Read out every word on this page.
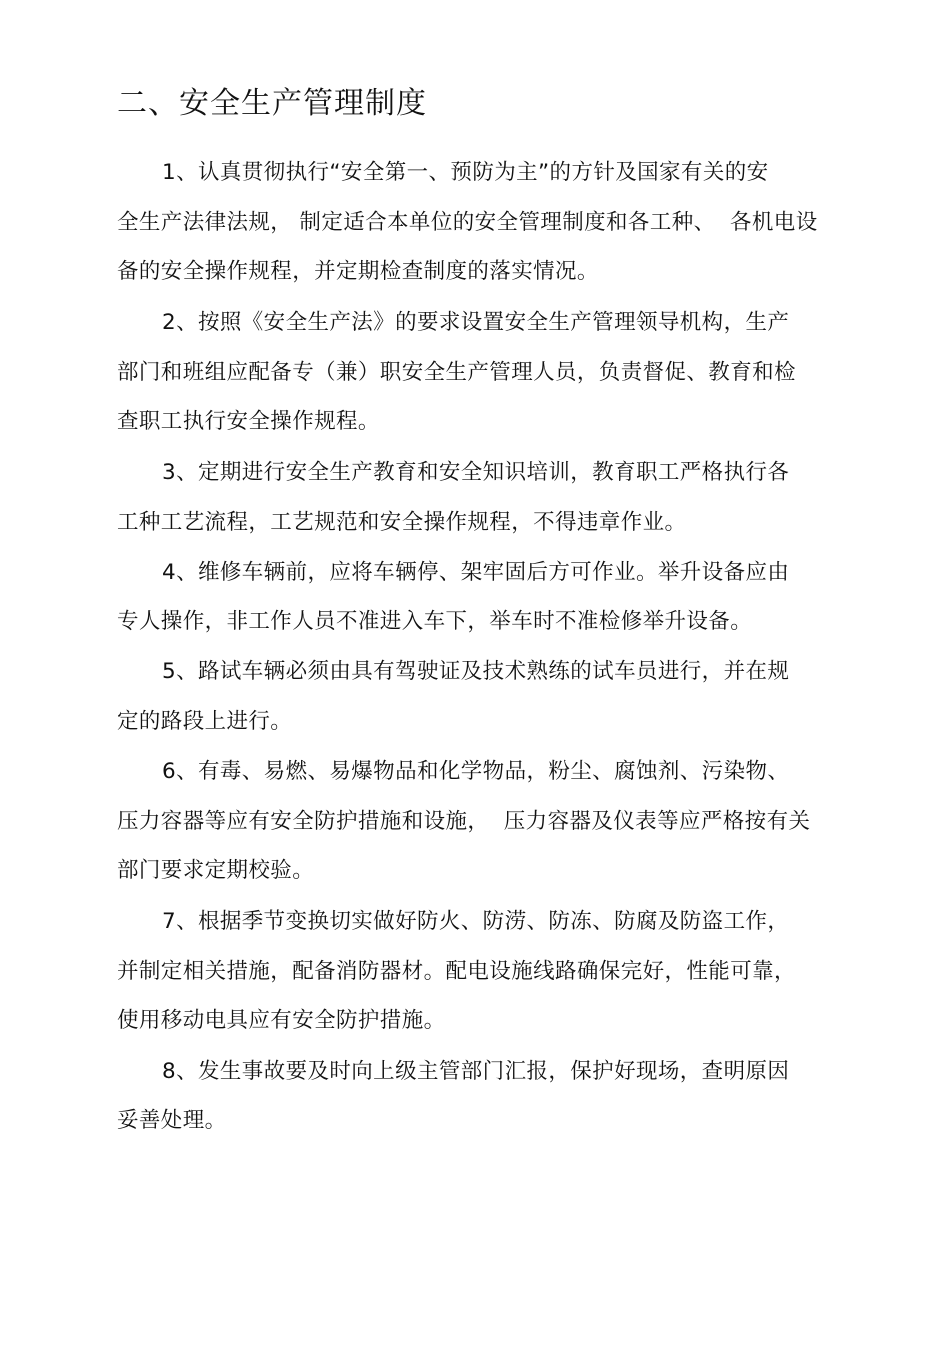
二、安全生产管理制度
1、认真贯彻执行“安全第一、预防为主”的方针及国家有关的安
全生产法律法规， 制定适合本单位的安全管理制度和各工种、  各机电设
备的安全操作规程，并定期检查制度的落实情况。
2、按照《安全生产法》的要求设置安全生产管理领导机构，生产
部门和班组应配备专（兼）职安全生产管理人员，负责督促、教育和检
查职工执行安全操作规程。
3、定期进行安全生产教育和安全知识培训，教育职工严格执行各
工种工艺流程，工艺规范和安全操作规程，不得违章作业。
4、维修车辆前，应将车辆停、架牢固后方可作业。举升设备应由
专人操作，非工作人员不准进入车下，举车时不准检修举升设备。
5、路试车辆必须由具有驾驶证及技术熟练的试车员进行，并在规
定的路段上进行。
6、有毒、易燃、易爆物品和化学物品，粉尘、腐蚀剂、污染物、
压力容器等应有安全防护措施和设施，  压力容器及仪表等应严格按有关
部门要求定期校验。
7、根据季节变换切实做好防火、防涝、防冻、防腐及防盗工作，
并制定相关措施，配备消防器材。配电设施线路确保完好，性能可靠，
使用移动电具应有安全防护措施。
8、发生事故要及时向上级主管部门汇报，保护好现场，查明原因
妥善处理。
